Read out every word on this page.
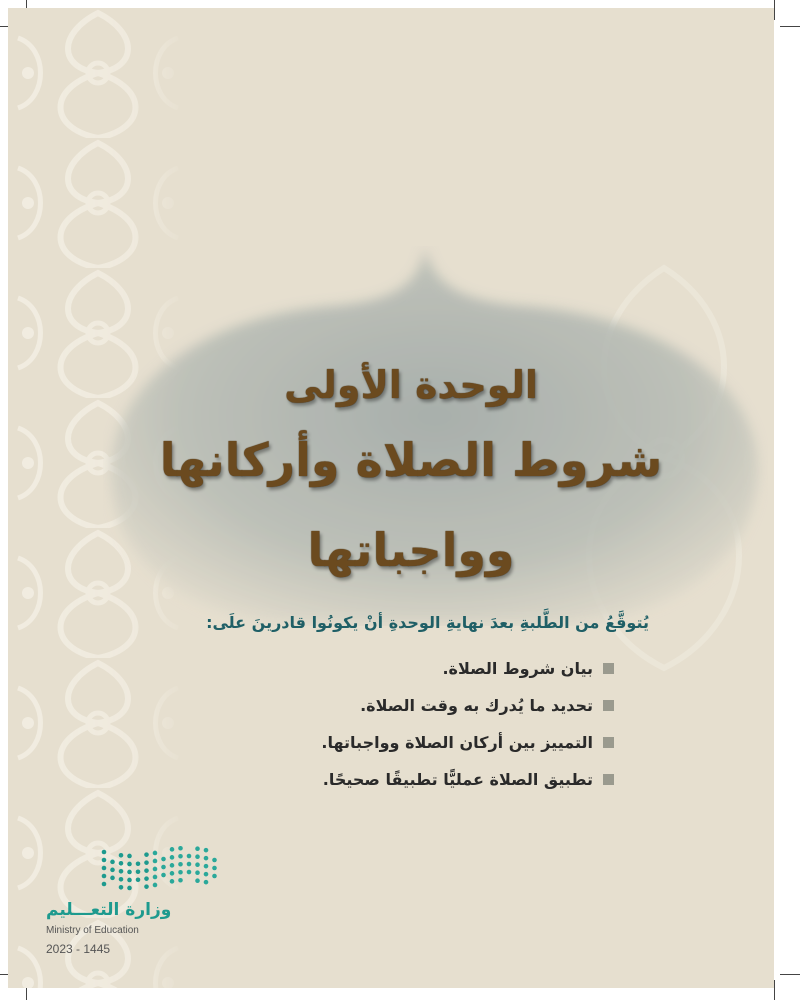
الوحدة الأولى
شروط الصلاة وأركانها
وواجباتها
يُتوقَّعُ من الطَّلبةِ بعدَ نهايةِ الوحدةِ أنْ يكونُوا قادرينَ علَى:
بيان شروط الصلاة.
تحديد ما يُدرك به وقت الصلاة.
التمييز بين أركان الصلاة وواجباتها.
تطبيق الصلاة عمليًّا تطبيقًا صحيحًا.
وزارة التعـــليم
Ministry of Education
2023 - 1445
